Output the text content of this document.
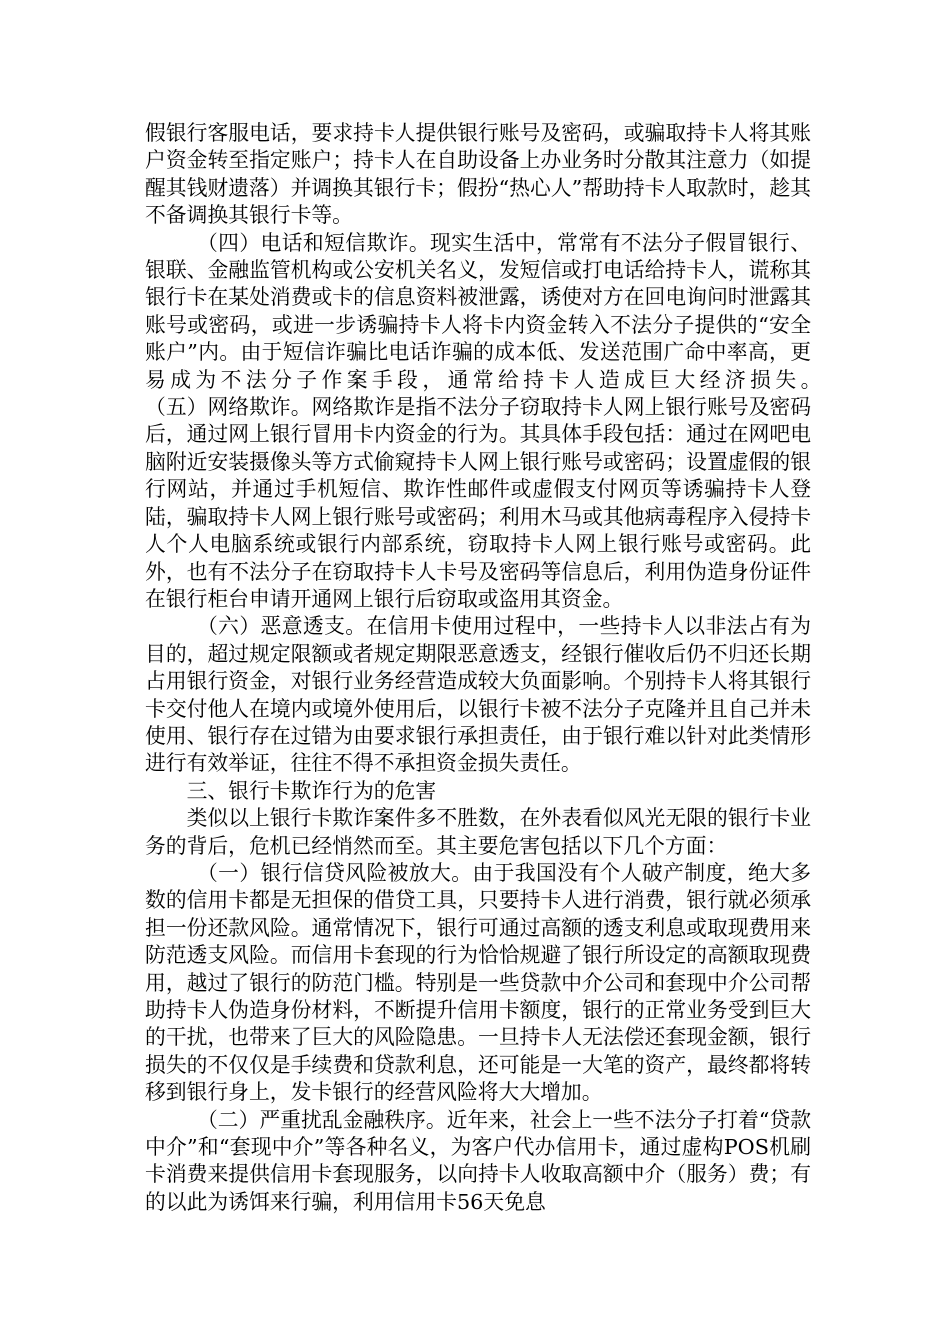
假银行客服电话，要求持卡人提供银行账号及密码，或骗取持卡人将其账户资金转至指定账户；持卡人在自助设备上办业务时分散其注意力（如提醒其钱财遗落）并调换其银行卡；假扮“热心人”帮助持卡人取款时，趁其不备调换其银行卡等。

（四）电话和短信欺诈。现实生活中，常常有不法分子假冒银行、银联、金融监管机构或公安机关名义，发短信或打电话给持卡人，谎称其银行卡在某处消费或卡的信息资料被泄露，诱使对方在回电询问时泄露其账号或密码，或进一步诱骗持卡人将卡内资金转入不法分子提供的“安全账户”内。由于短信诈骗比电话诈骗的成本低、发送范围广命中率高，更易成为不法分子作案手段，通常给持卡人造成巨大经济损失。　　　　（五）网络欺诈。网络欺诈是指不法分子窃取持卡人网上银行账号及密码后，通过网上银行冒用卡内资金的行为。其具体手段包括：通过在网吧电脑附近安装摄像头等方式偷窥持卡人网上银行账号或密码；设置虚假的银行网站，并通过手机短信、欺诈性邮件或虚假支付网页等诱骗持卡人登陆，骗取持卡人网上银行账号或密码；利用木马或其他病毒程序入侵持卡人个人电脑系统或银行内部系统，窃取持卡人网上银行账号或密码。此外，也有不法分子在窃取持卡人卡号及密码等信息后，利用伪造身份证件在银行柜台申请开通网上银行后窃取或盗用其资金。

（六）恶意透支。在信用卡使用过程中，一些持卡人以非法占有为目的，超过规定限额或者规定期限恶意透支，经银行催收后仍不归还长期占用银行资金，对银行业务经营造成较大负面影响。个别持卡人将其银行卡交付他人在境内或境外使用后，以银行卡被不法分子克隆并且自己并未使用、银行存在过错为由要求银行承担责任，由于银行难以针对此类情形进行有效举证，往往不得不承担资金损失责任。

三、银行卡欺诈行为的危害

类似以上银行卡欺诈案件多不胜数，在外表看似风光无限的银行卡业务的背后，危机已经悄然而至。其主要危害包括以下几个方面：

（一）银行信贷风险被放大。由于我国没有个人破产制度，绝大多数的信用卡都是无担保的借贷工具，只要持卡人进行消费，银行就必须承担一份还款风险。通常情况下，银行可通过高额的透支利息或取现费用来防范透支风险。而信用卡套现的行为恰恰规避了银行所设定的高额取现费用，越过了银行的防范门槛。特别是一些贷款中介公司和套现中介公司帮助持卡人伪造身份材料，不断提升信用卡额度，银行的正常业务受到巨大的干扰，也带来了巨大的风险隐患。一旦持卡人无法偿还套现金额，银行损失的不仅仅是手续费和贷款利息，还可能是一大笔的资产，最终都将转移到银行身上，发卡银行的经营风险将大大增加。

（二）严重扰乱金融秩序。近年来，社会上一些不法分子打着“贷款中介”和“套现中介”等各种名义，为客户代办信用卡，通过虚构POS机刷卡消费来提供信用卡套现服务，以向持卡人收取高额中介（服务）费；有的以此为诱饵来行骗，利用信用卡56天免息
